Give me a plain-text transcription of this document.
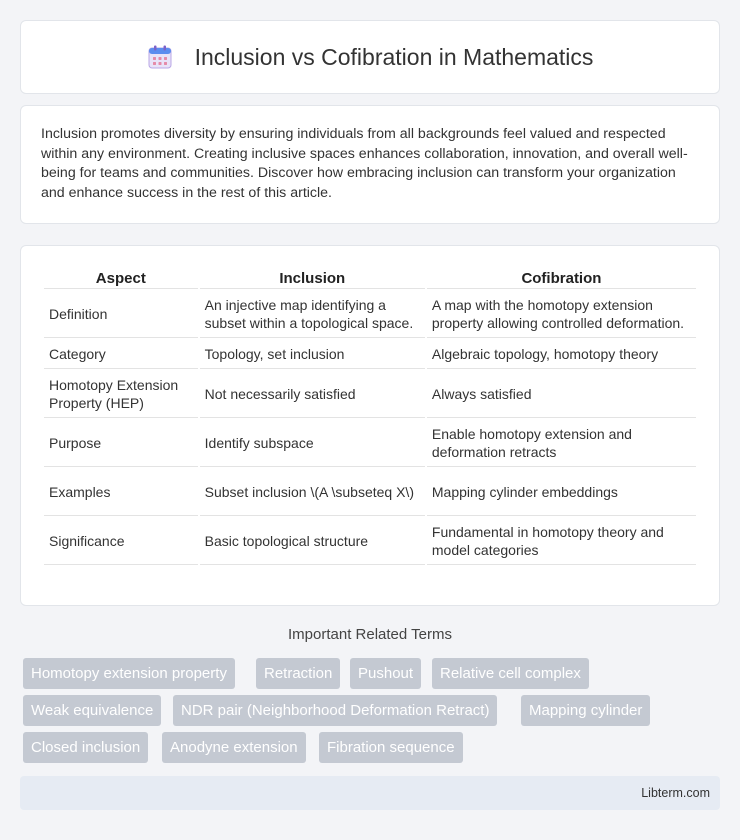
Inclusion vs Cofibration in Mathematics

Inclusion promotes diversity by ensuring individuals from all backgrounds feel valued and respected within any environment. Creating inclusive spaces enhances collaboration, innovation, and overall well-being for teams and communities. Discover how embracing inclusion can transform your organization and enhance success in the rest of this article.

Aspect	Inclusion	Cofibration
Definition	An injective map identifying a subset within a topological space.	A map with the homotopy extension property allowing controlled deformation.
Category	Topology, set inclusion	Algebraic topology, homotopy theory
Homotopy Extension Property (HEP)	Not necessarily satisfied	Always satisfied
Purpose	Identify subspace	Enable homotopy extension and deformation retracts
Examples	Subset inclusion \(A \subseteq X\)	Mapping cylinder embeddings
Significance	Basic topological structure	Fundamental in homotopy theory and model categories
Important Related Terms
Homotopy extension property	Retraction	Pushout	Relative cell complex
Weak equivalence	NDR pair (Neighborhood Deformation Retract)	Mapping cylinder
Closed inclusion	Anodyne extension	Fibration sequence
Libterm.com
